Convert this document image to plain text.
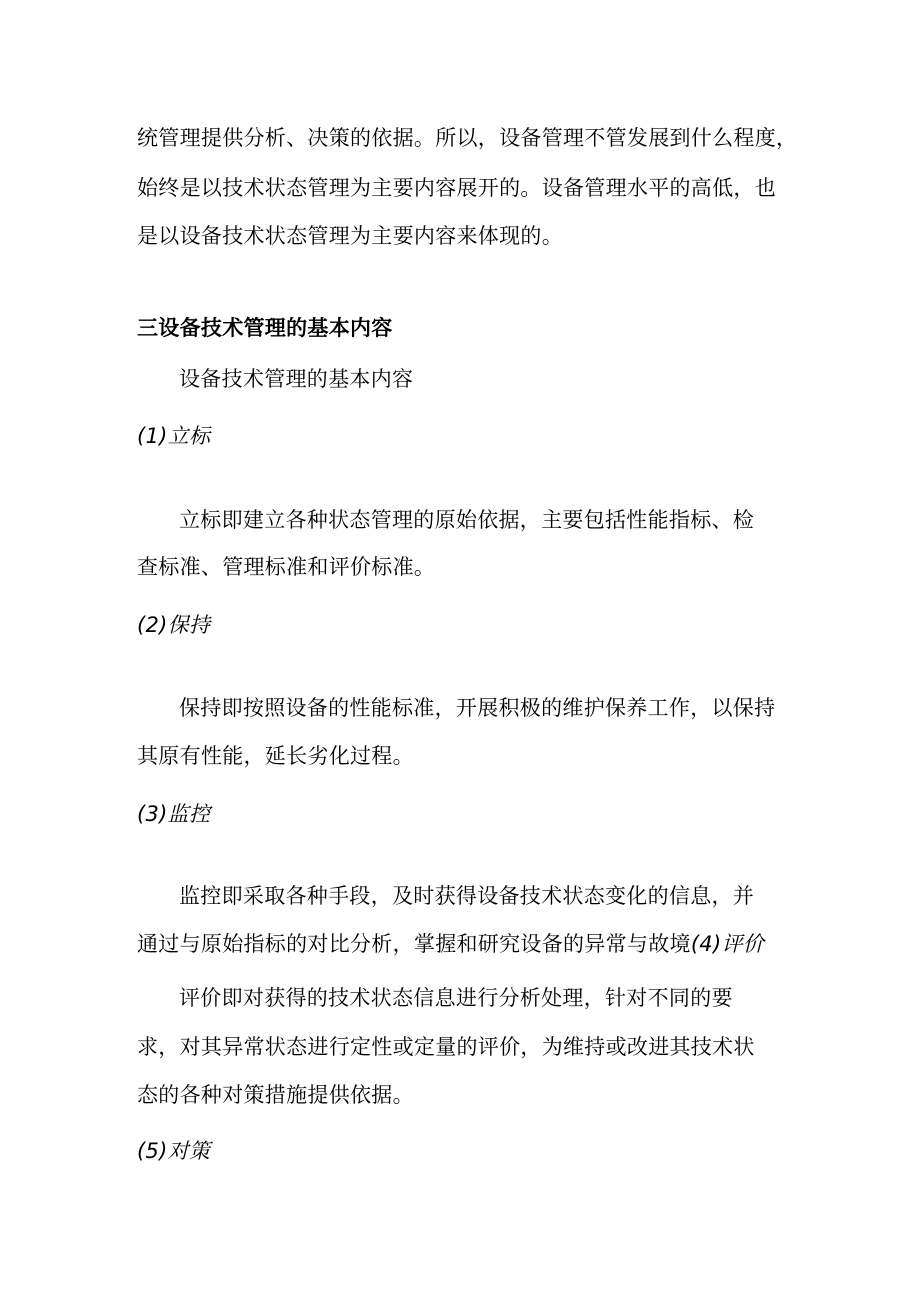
统管理提供分析、决策的依据。所以，设备管理不管发展到什么程度，
始终是以技术状态管理为主要内容展开的。设备管理水平的高低，也
是以设备技术状态管理为主要内容来体现的。
三设备技术管理的基本内容
设备技术管理的基本内容
(1)立标
立标即建立各种状态管理的原始依据，主要包括性能指标、检
查标准、管理标准和评价标准。
(2)保持
保持即按照设备的性能标准，开展积极的维护保养工作，以保持
其原有性能，延长劣化过程。
(3)监控
监控即采取各种手段，及时获得设备技术状态变化的信息，并
通过与原始指标的对比分析，掌握和研究设备的异常与故境(4)评价
评价即对获得的技术状态信息进行分析处理，针对不同的要
求，对其异常状态进行定性或定量的评价，为维持或改进其技术状
态的各种对策措施提供依据。
(5)对策
